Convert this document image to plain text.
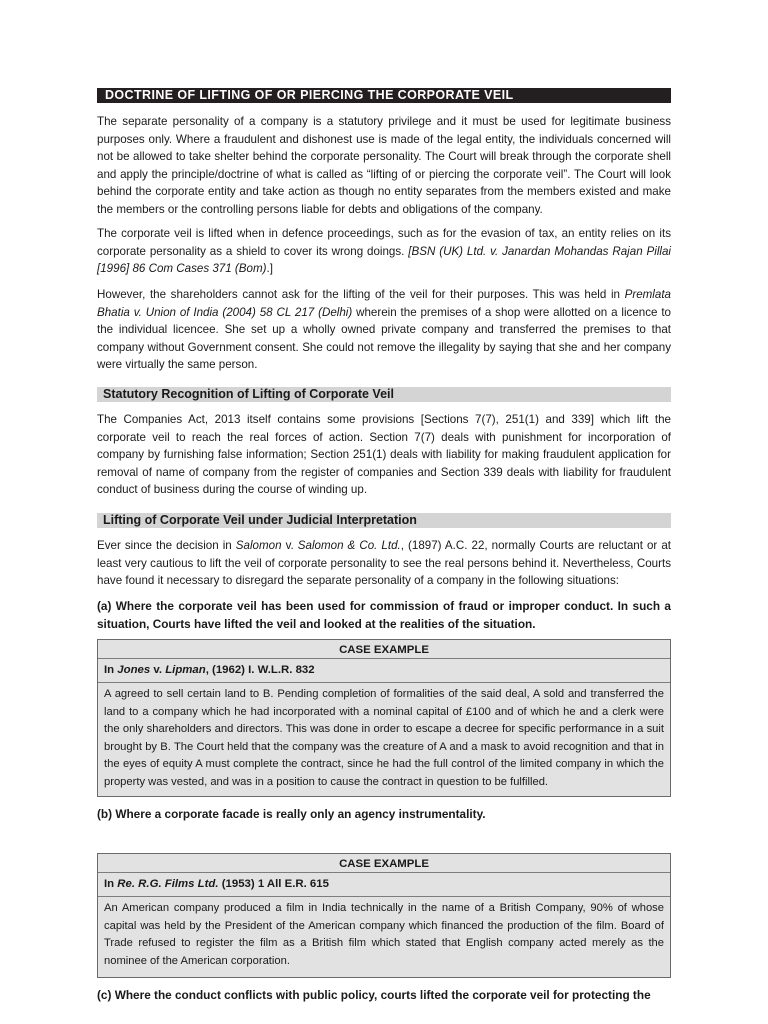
DOCTRINE OF LIFTING OF OR PIERCING THE CORPORATE VEIL

The separate personality of a company is a statutory privilege and it must be used for legitimate business purposes only. Where a fraudulent and dishonest use is made of the legal entity, the individuals concerned will not be allowed to take shelter behind the corporate personality. The Court will break through the corporate shell and apply the principle/doctrine of what is called as “lifting of or piercing the corporate veil”. The Court will look behind the corporate entity and take action as though no entity separates from the members existed and make the members or the controlling persons liable for debts and obligations of the company.

The corporate veil is lifted when in defence proceedings, such as for the evasion of tax, an entity relies on its corporate personality as a shield to cover its wrong doings. [BSN (UK) Ltd. v. Janardan Mohandas Rajan Pillai [1996] 86 Com Cases 371 (Bom).]

However, the shareholders cannot ask for the lifting of the veil for their purposes. This was held in Premlata Bhatia v. Union of India (2004) 58 CL 217 (Delhi) wherein the premises of a shop were allotted on a licence to the individual licencee. She set up a wholly owned private company and transferred the premises to that company without Government consent. She could not remove the illegality by saying that she and her company were virtually the same person.

Statutory Recognition of Lifting of Corporate Veil

The Companies Act, 2013 itself contains some provisions [Sections 7(7), 251(1) and 339] which lift the corporate veil to reach the real forces of action. Section 7(7) deals with punishment for incorporation of company by furnishing false information; Section 251(1) deals with liability for making fraudulent application for removal of name of company from the register of companies and Section 339 deals with liability for fraudulent conduct of business during the course of winding up.

Lifting of Corporate Veil under Judicial Interpretation

Ever since the decision in Salomon v. Salomon & Co. Ltd., (1897) A.C. 22, normally Courts are reluctant or at least very cautious to lift the veil of corporate personality to see the real persons behind it. Nevertheless, Courts have found it necessary to disregard the separate personality of a company in the following situations:

(a) Where the corporate veil has been used for commission of fraud or improper conduct. In such a situation, Courts have lifted the veil and looked at the realities of the situation.

CASE EXAMPLE
In Jones v. Lipman, (1962) I. W.L.R. 832
A agreed to sell certain land to B. Pending completion of formalities of the said deal, A sold and transferred the land to a company which he had incorporated with a nominal capital of £100 and of which he and a clerk were the only shareholders and directors. This was done in order to escape a decree for specific performance in a suit brought by B. The Court held that the company was the creature of A and a mask to avoid recognition and that in the eyes of equity A must complete the contract, since he had the full control of the limited company in which the property was vested, and was in a position to cause the contract in question to be fulfilled.

(b) Where a corporate facade is really only an agency instrumentality.

CASE EXAMPLE
In Re. R.G. Films Ltd. (1953) 1 All E.R. 615
An American company produced a film in India technically in the name of a British Company, 90% of whose capital was held by the President of the American company which financed the production of the film. Board of Trade refused to register the film as a British film which stated that English company acted merely as the nominee of the American corporation.

(c) Where the conduct conflicts with public policy, courts lifted the corporate veil for protecting the
